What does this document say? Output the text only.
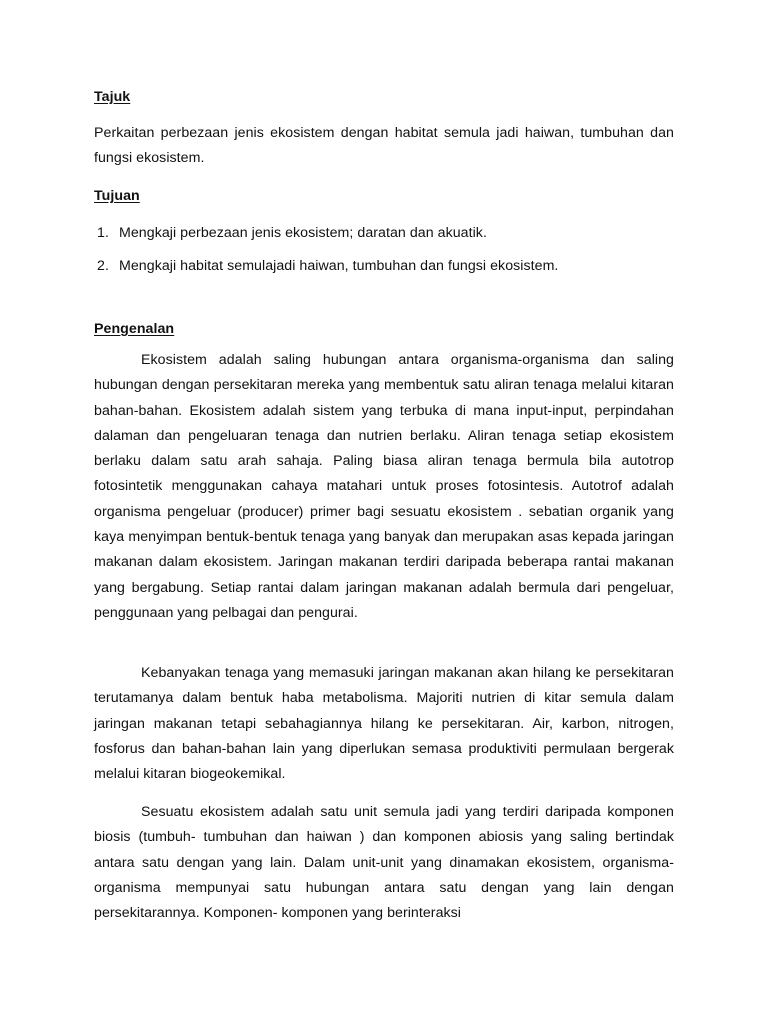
Tajuk

Perkaitan perbezaan jenis ekosistem dengan habitat semula jadi haiwan, tumbuhan dan fungsi ekosistem.

Tujuan
1. Mengkaji perbezaan jenis ekosistem; daratan dan akuatik.
2. Mengkaji habitat semulajadi haiwan, tumbuhan dan fungsi ekosistem.
Pengenalan

Ekosistem adalah saling hubungan antara organisma-organisma dan saling hubungan dengan persekitaran mereka yang membentuk satu aliran tenaga melalui kitaran bahan-bahan. Ekosistem adalah sistem yang terbuka di mana input-input, perpindahan dalaman dan pengeluaran tenaga dan nutrien berlaku. Aliran tenaga setiap ekosistem berlaku dalam satu arah sahaja. Paling biasa aliran tenaga bermula bila autotrop fotosintetik menggunakan cahaya matahari untuk proses fotosintesis. Autotrof adalah organisma pengeluar (producer) primer bagi sesuatu ekosistem . sebatian organik yang kaya menyimpan bentuk-bentuk tenaga yang banyak dan merupakan asas kepada jaringan makanan dalam ekosistem. Jaringan makanan terdiri daripada beberapa rantai makanan yang bergabung. Setiap rantai dalam jaringan makanan adalah bermula dari pengeluar, penggunaan yang pelbagai dan pengurai.

Kebanyakan tenaga yang memasuki jaringan makanan akan hilang ke persekitaran terutamanya dalam bentuk haba metabolisma. Majoriti nutrien di kitar semula dalam jaringan makanan tetapi sebahagiannya hilang ke persekitaran. Air, karbon, nitrogen, fosforus dan bahan-bahan lain yang diperlukan semasa produktiviti permulaan bergerak melalui kitaran biogeokemikal.

Sesuatu ekosistem adalah satu unit semula jadi yang terdiri daripada komponen biosis (tumbuh- tumbuhan dan haiwan ) dan komponen abiosis yang saling bertindak antara satu dengan yang lain. Dalam unit-unit yang dinamakan ekosistem, organisma-organisma mempunyai satu hubungan antara satu dengan yang lain dengan persekitarannya. Komponen- komponen yang berinteraksi
